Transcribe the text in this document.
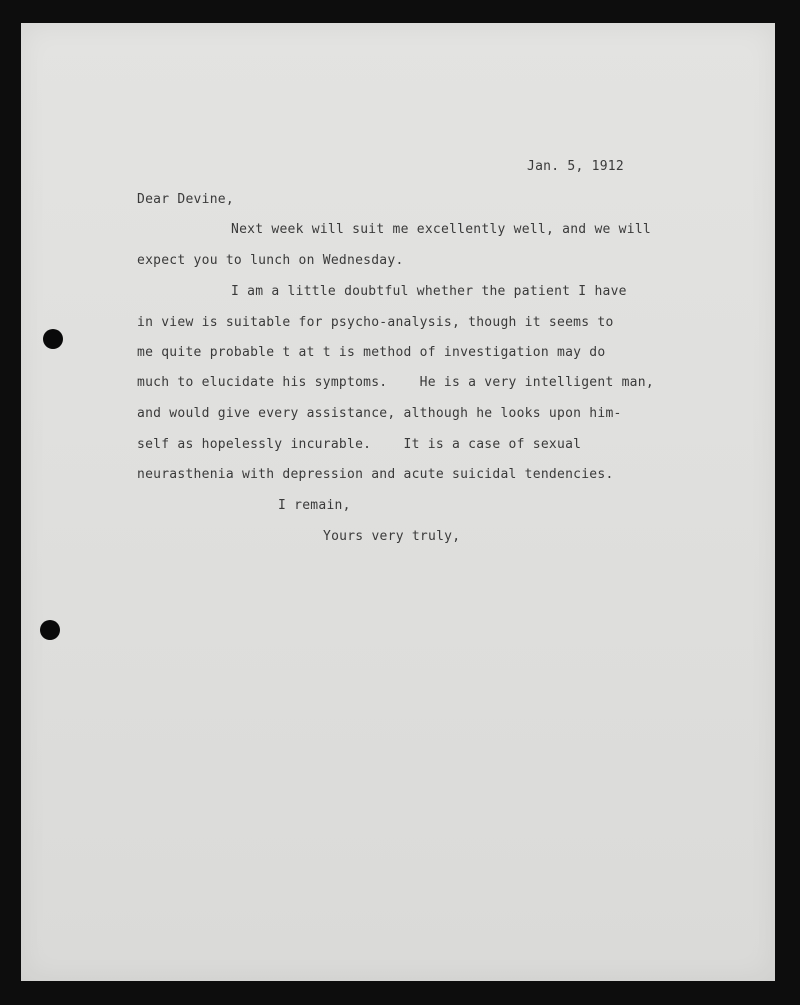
Jan. 5, 1912
Dear Devine,
Next week will suit me excellently well, and we will
expect you to lunch on Wednesday.
I am a little doubtful whether the patient I have
in view is suitable for psycho-analysis, though it seems to
me quite probable t at t is method of investigation may do
much to elucidate his symptoms.    He is a very intelligent man,
and would give every assistance, although he looks upon him-
self as hopelessly incurable.    It is a case of sexual
neurasthenia with depression and acute suicidal tendencies.
I remain,
Yours very truly,
